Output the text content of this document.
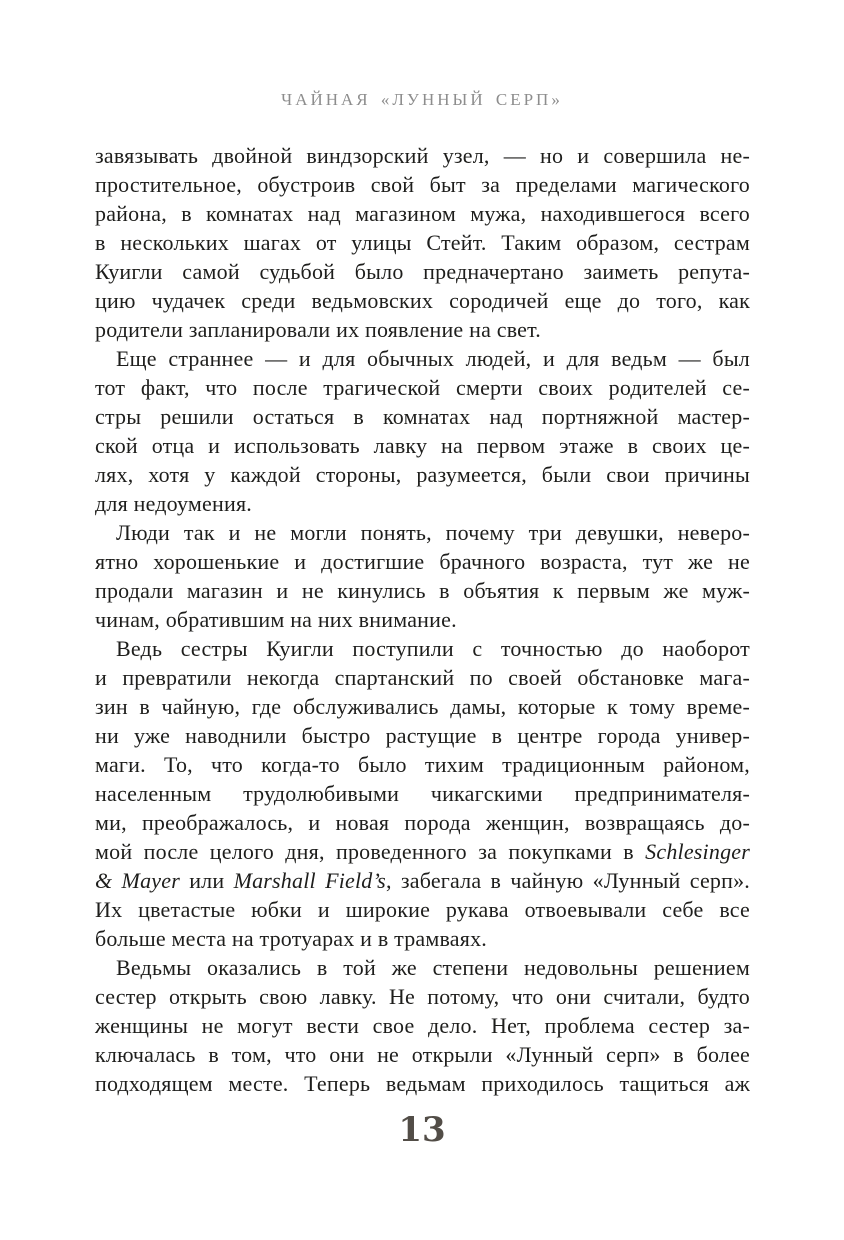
ЧАЙНАЯ «ЛУННЫЙ СЕРП»
завязывать двойной виндзорский узел, — но и совершила не-
простительное, обустроив свой быт за пределами магического
района, в комнатах над магазином мужа, находившегося всего
в нескольких шагах от улицы Стейт. Таким образом, сестрам
Куигли самой судьбой было предначертано заиметь репута-
цию чудачек среди ведьмовских сородичей еще до того, как
родители запланировали их появление на свет.
Еще страннее — и для обычных людей, и для ведьм — был
тот факт, что после трагической смерти своих родителей се-
стры решили остаться в комнатах над портняжной мастер-
ской отца и использовать лавку на первом этаже в своих це-
лях, хотя у каждой стороны, разумеется, были свои причины
для недоумения.
Люди так и не могли понять, почему три девушки, неверо-
ятно хорошенькие и достигшие брачного возраста, тут же не
продали магазин и не кинулись в объятия к первым же муж-
чинам, обратившим на них внимание.
Ведь сестры Куигли поступили с точностью до наоборот
и превратили некогда спартанский по своей обстановке мага-
зин в чайную, где обслуживались дамы, которые к тому време-
ни уже наводнили быстро растущие в центре города универ-
маги. То, что когда-то было тихим традиционным районом,
населенным трудолюбивыми чикагскими предпринимателя-
ми, преображалось, и новая порода женщин, возвращаясь до-
мой после целого дня, проведенного за покупками в Schlesinger
& Mayer или Marshall Field’s, забегала в чайную «Лунный серп».
Их цветастые юбки и широкие рукава отвоевывали себе все
больше места на тротуарах и в трамваях.
Ведьмы оказались в той же степени недовольны решением
сестер открыть свою лавку. Не потому, что они считали, будто
женщины не могут вести свое дело. Нет, проблема сестер за-
ключалась в том, что они не открыли «Лунный серп» в более
подходящем месте. Теперь ведьмам приходилось тащиться аж
13
